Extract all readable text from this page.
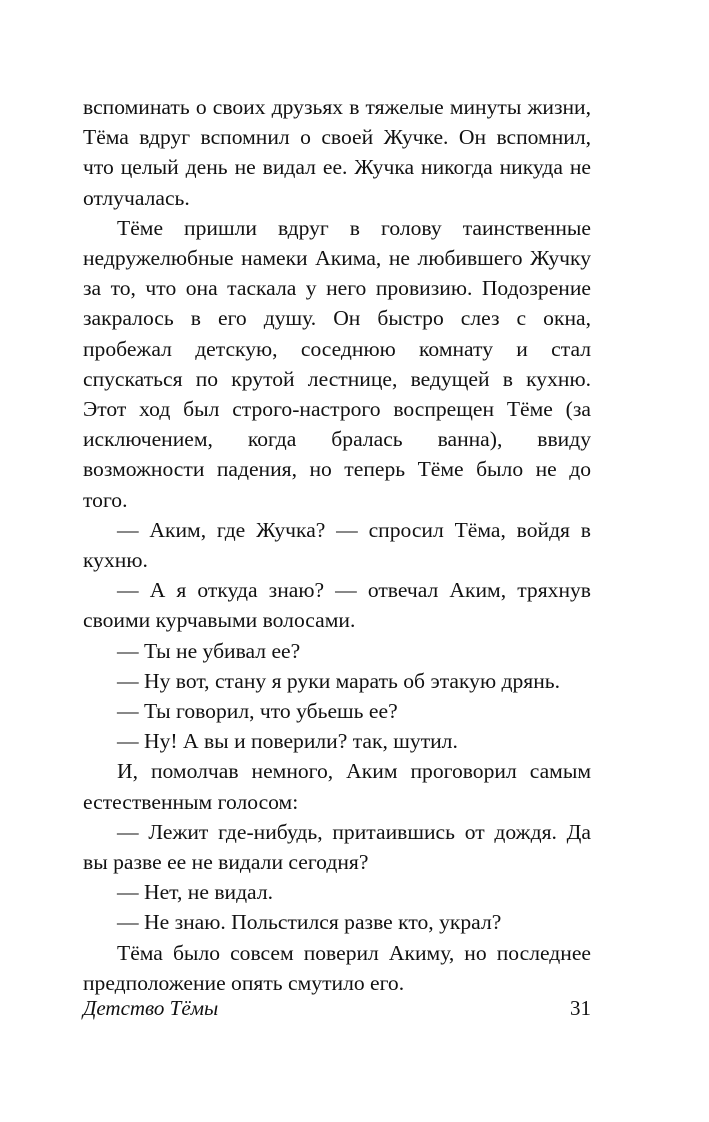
вспоминать о своих друзьях в тяжелые минуты жизни, Тёма вдруг вспомнил о своей Жучке. Он вспомнил, что целый день не видал ее. Жучка никогда никуда не отлучалась.

Тёме пришли вдруг в голову таинственные недружелюбные намеки Акима, не любившего Жучку за то, что она таскала у него провизию. Подозрение закралось в его душу. Он быстро слез с окна, пробежал детскую, соседнюю комнату и стал спускаться по крутой лестнице, ведущей в кухню. Этот ход был строго-настрого воспрещен Тёме (за исключением, когда бралась ванна), ввиду возможности падения, но теперь Тёме было не до того.

— Аким, где Жучка? — спросил Тёма, войдя в кухню.

— А я откуда знаю? — отвечал Аким, тряхнув своими курчавыми волосами.

— Ты не убивал ее?

— Ну вот, стану я руки марать об этакую дрянь.

— Ты говорил, что убьешь ее?

— Ну! А вы и поверили? так, шутил.

И, помолчав немного, Аким проговорил самым естественным голосом:

— Лежит где-нибудь, притаившись от дождя. Да вы разве ее не видали сегодня?

— Нет, не видал.

— Не знаю. Польстился разве кто, украл?

Тёма было совсем поверил Акиму, но последнее предположение опять смутило его.

Детство Тёмы	31
